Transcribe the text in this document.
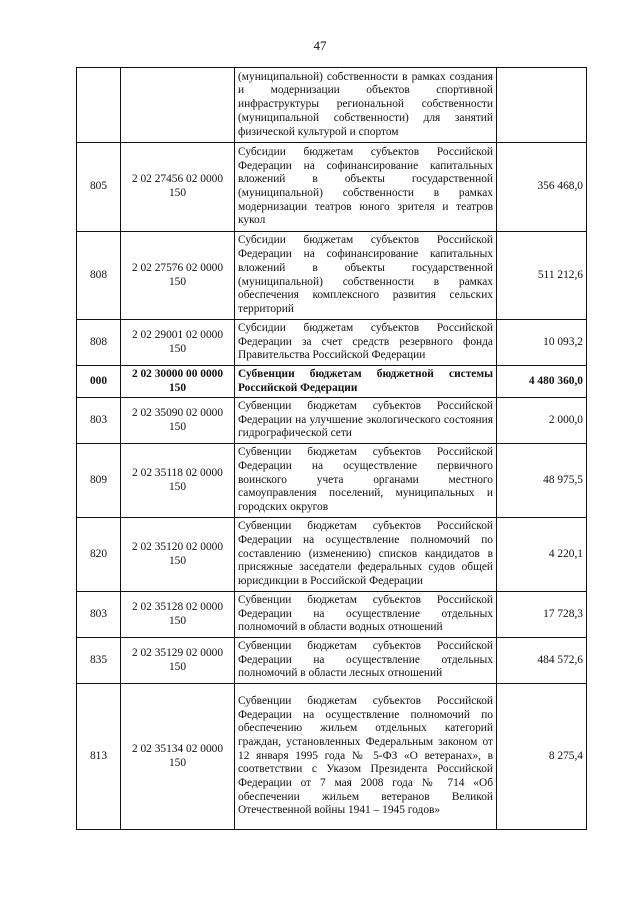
47
		(муниципальной) собственности в рамках создания и модернизации объектов спортивной инфраструктуры региональной собственности (муниципальной собственности) для занятий физической культурой и спортом	
805	2 02 27456 02 0000 150	Субсидии бюджетам субъектов Российской Федерации на софинансирование капитальных вложений в объекты государственной (муниципальной) собственности в рамках модернизации театров юного зрителя и театров кукол	356 468,0
808	2 02 27576 02 0000 150	Субсидии бюджетам субъектов Российской Федерации на софинансирование капитальных вложений в объекты государственной (муниципальной) собственности в рамках обеспечения комплексного развития сельских территорий	511 212,6
808	2 02 29001 02 0000 150	Субсидии бюджетам субъектов Российской Федерации за счет средств резервного фонда Правительства Российской Федерации	10 093,2
000	2 02 30000 00 0000 150	Субвенции бюджетам бюджетной системы Российской Федерации	4 480 360,0
803	2 02 35090 02 0000 150	Субвенции бюджетам субъектов Российской Федерации на улучшение экологического состояния гидрографической сети	2 000,0
809	2 02 35118 02 0000 150	Субвенции бюджетам субъектов Российской Федерации на осуществление первичного воинского учета органами местного самоуправления поселений, муниципальных и городских округов	48 975,5
820	2 02 35120 02 0000 150	Субвенции бюджетам субъектов Российской Федерации на осуществление полномочий по составлению (изменению) списков кандидатов в присяжные заседатели федеральных судов общей юрисдикции в Российской Федерации	4 220,1
803	2 02 35128 02 0000 150	Субвенции бюджетам субъектов Российской Федерации на осуществление отдельных полномочий в области водных отношений	17 728,3
835	2 02 35129 02 0000 150	Субвенции бюджетам субъектов Российской Федерации на осуществление отдельных полномочий в области лесных отношений	484 572,6
813	2 02 35134 02 0000 150	Субвенции бюджетам субъектов Российской Федерации на осуществление полномочий по обеспечению жильем отдельных категорий граждан, установленных Федеральным законом от 12 января 1995 года № 5-ФЗ «О ветеранах», в соответствии с Указом Президента Российской Федерации от 7 мая 2008 года № 714 «Об обеспечении жильем ветеранов Великой Отечественной войны 1941 – 1945 годов»	8 275,4
